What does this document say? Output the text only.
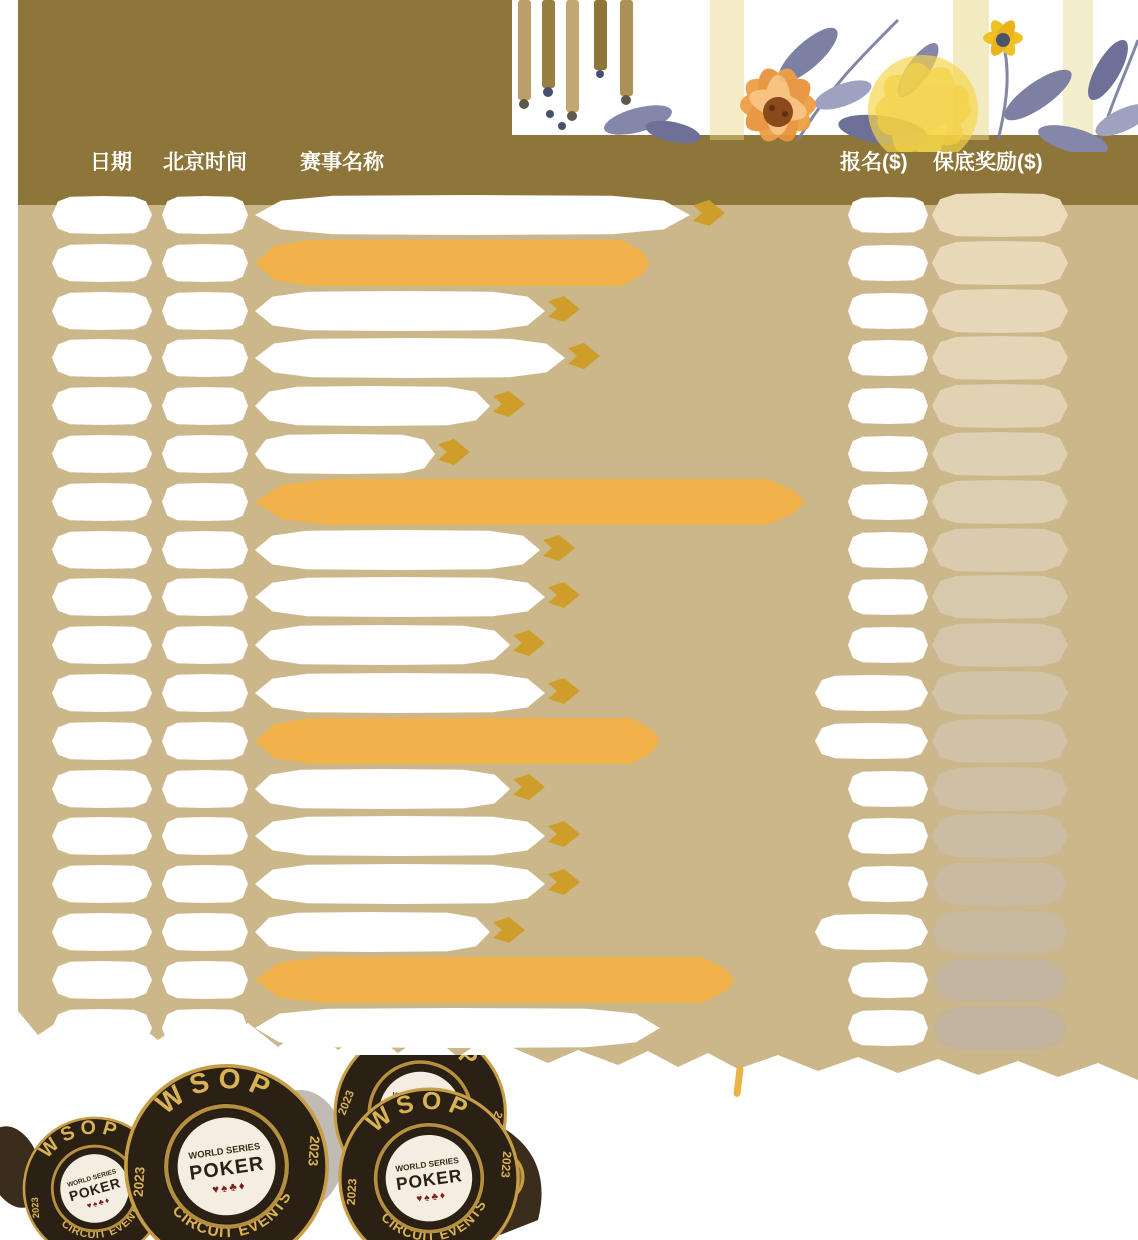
日期 北京时间	赛事名称	报名($) 保底奖励($)
WSOP
